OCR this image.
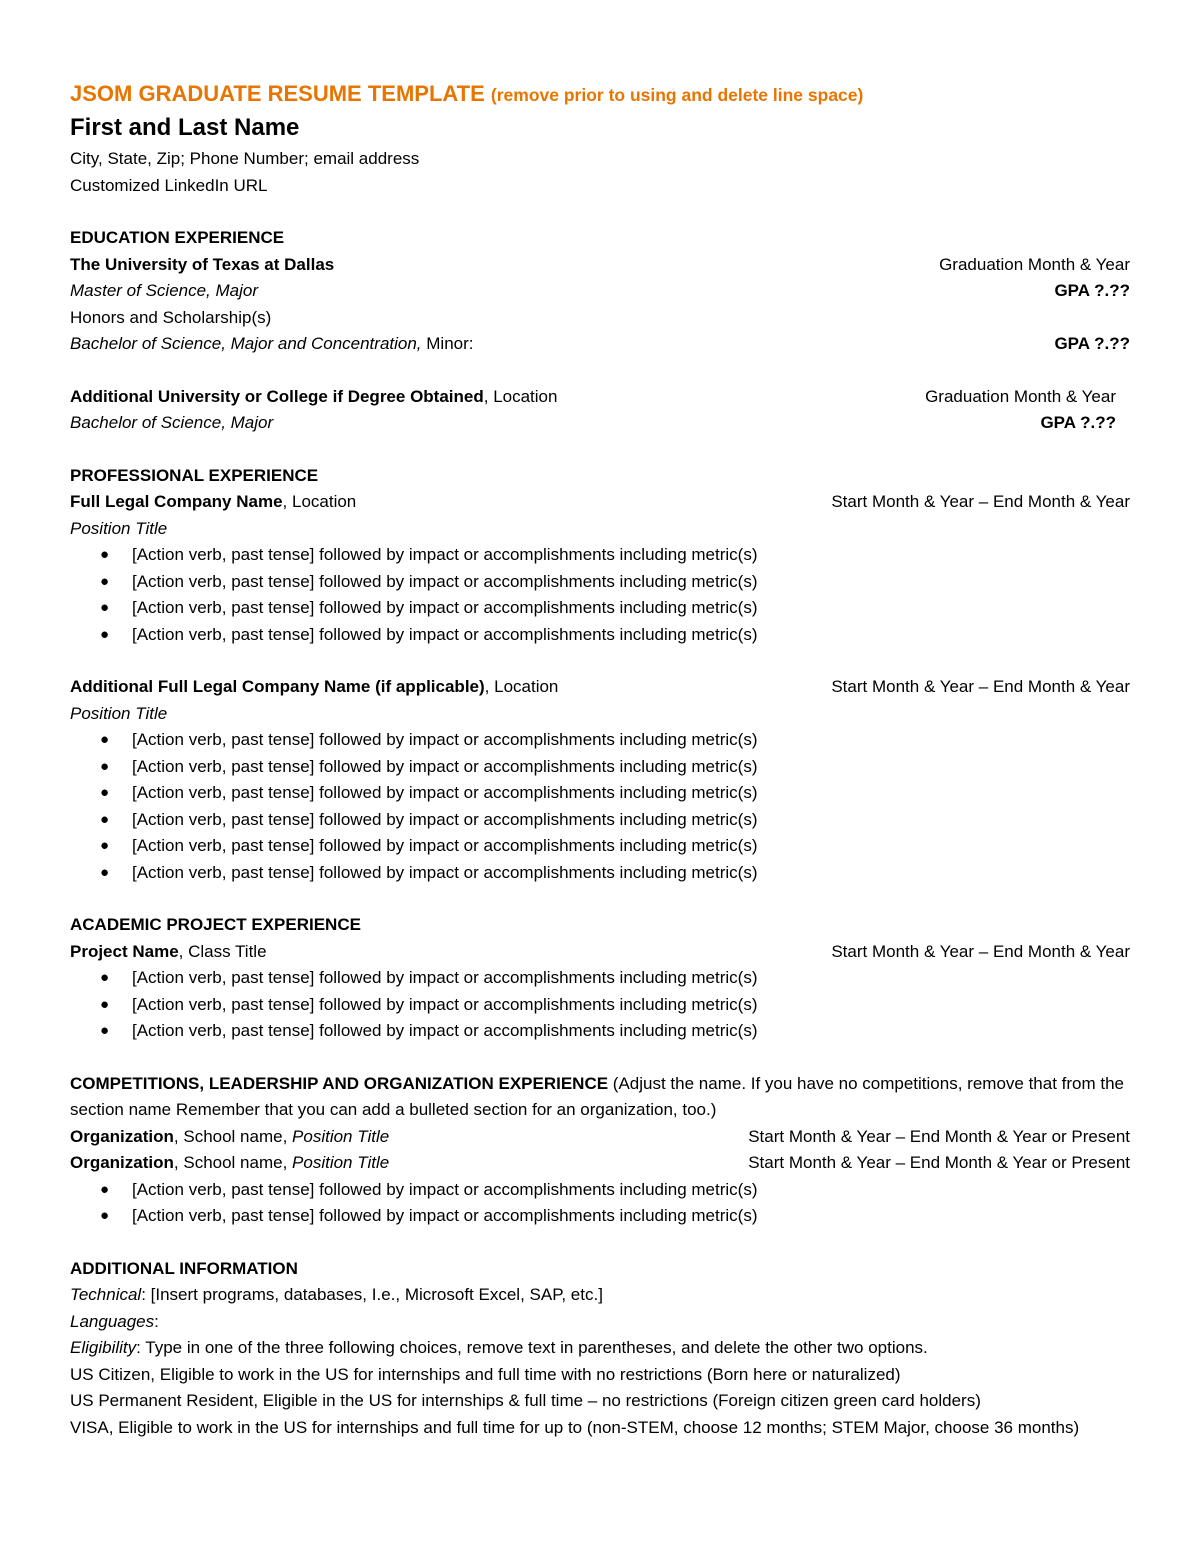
JSOM GRADUATE RESUME TEMPLATE (remove prior to using and delete line space)
First and Last Name
City, State, Zip; Phone Number; email address
Customized LinkedIn URL
EDUCATION EXPERIENCE
The University of Texas at Dallas	Graduation Month & Year
Master of Science, Major	GPA ?.??
Honors and Scholarship(s)
Bachelor of Science, Major and Concentration, Minor:	GPA ?.??
Additional University or College if Degree Obtained, Location	Graduation Month & Year
Bachelor of Science, Major	GPA ?.??
PROFESSIONAL EXPERIENCE
Full Legal Company Name, Location	Start Month & Year – End Month & Year
Position Title
● [Action verb, past tense] followed by impact or accomplishments including metric(s)
● [Action verb, past tense] followed by impact or accomplishments including metric(s)
● [Action verb, past tense] followed by impact or accomplishments including metric(s)
● [Action verb, past tense] followed by impact or accomplishments including metric(s)
Additional Full Legal Company Name (if applicable), Location	Start Month & Year – End Month & Year
Position Title
● [Action verb, past tense] followed by impact or accomplishments including metric(s)
● [Action verb, past tense] followed by impact or accomplishments including metric(s)
● [Action verb, past tense] followed by impact or accomplishments including metric(s)
● [Action verb, past tense] followed by impact or accomplishments including metric(s)
● [Action verb, past tense] followed by impact or accomplishments including metric(s)
● [Action verb, past tense] followed by impact or accomplishments including metric(s)
ACADEMIC PROJECT EXPERIENCE
Project Name, Class Title	Start Month & Year – End Month & Year
● [Action verb, past tense] followed by impact or accomplishments including metric(s)
● [Action verb, past tense] followed by impact or accomplishments including metric(s)
● [Action verb, past tense] followed by impact or accomplishments including metric(s)
COMPETITIONS, LEADERSHIP AND ORGANIZATION EXPERIENCE (Adjust the name. If you have no competitions, remove that from the section name Remember that you can add a bulleted section for an organization, too.)
Organization, School name, Position Title	Start Month & Year – End Month & Year or Present
Organization, School name, Position Title	Start Month & Year – End Month & Year or Present
● [Action verb, past tense] followed by impact or accomplishments including metric(s)
● [Action verb, past tense] followed by impact or accomplishments including metric(s)
ADDITIONAL INFORMATION
Technical : [Insert programs, databases, I.e., Microsoft Excel, SAP, etc.]
Languages :
Eligibility : Type in one of the three following choices, remove text in parentheses, and delete the other two options.
US Citizen, Eligible to work in the US for internships and full time with no restrictions (Born here or naturalized)
US Permanent Resident, Eligible in the US for internships & full time – no restrictions (Foreign citizen green card holders)
VISA, Eligible to work in the US for internships and full time for up to (non-STEM, choose 12 months; STEM Major, choose 36 months)
